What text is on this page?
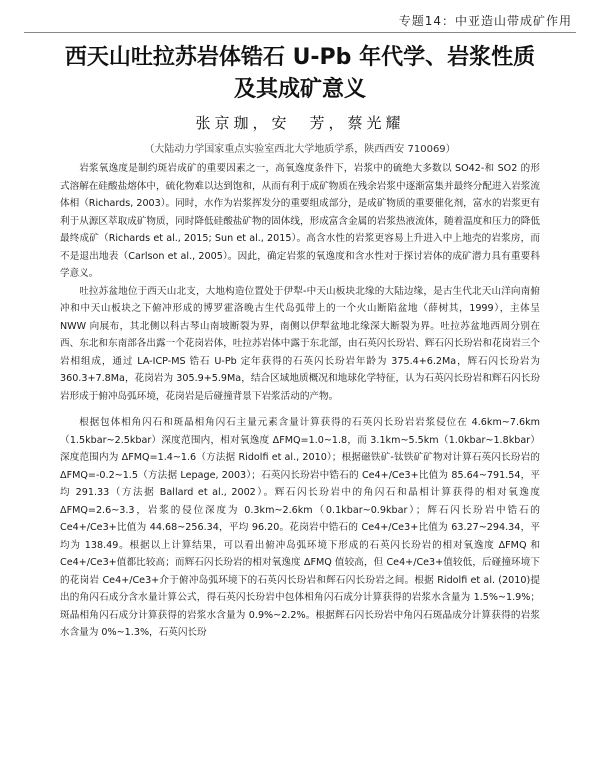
专题14：中亚造山带成矿作用
西天山吐拉苏岩体锆石 U-Pb 年代学、岩浆性质
及其成矿意义
张京珈，安　芳，蔡光耀
（大陆动力学国家重点实验室西北大学地质学系，陕西西安 710069）

岩浆氧逸度是制约斑岩成矿的重要因素之一，高氧逸度条件下，岩浆中的硫绝大多数以 SO42-和 SO2 的形式溶解在硅酸盐熔体中，硫化物难以达到饱和，从而有利于成矿物质在残余岩浆中逐渐富集并最终分配进入岩浆流体相（Richards, 2003）。同时，水作为岩浆挥发分的重要组成部分，是成矿物质的重要催化剂，富水的岩浆更有利于从源区萃取成矿物质，同时降低硅酸盐矿物的固体线，形成富含金属的岩浆热液流体，随着温度和压力的降低最终成矿（Richards et al., 2015; Sun et al., 2015）。高含水性的岩浆更容易上升进入中上地壳的岩浆房，而不是退出地表（Carlson et al., 2005）。因此，确定岩浆的氧逸度和含水性对于探讨岩体的成矿潜力具有重要科学意义。

吐拉苏盆地位于西天山北支，大地构造位置处于伊犁-中天山板块北缘的大陆边缘，是古生代北天山洋向南俯冲和中天山板块之下俯冲形成的博罗霍洛晚古生代岛弧带上的一个火山断陷盆地（薛树其，1999），主体呈 NWW 向展布，其北侧以科古琴山南坡断裂为界，南侧以伊犁盆地北缘深大断裂为界。吐拉苏盆地西周分别在西、东北和东南部各出露一个花岗岩体，吐拉苏岩体中露于东北部，由石英闪长玢岩、辉石闪长玢岩和花岗岩三个岩相组成，通过 LA-ICP-MS 锆石 U-Pb 定年获得的石英闪长玢岩年龄为 375.4+6.2Ma，辉石闪长玢岩为 360.3+7.8Ma，花岗岩为 305.9+5.9Ma，结合区域地质概况和地球化学特征，认为石英闪长玢岩和辉石闪长玢岩形成于俯冲岛弧环境，花岗岩是后碰撞背景下岩浆活动的产物。

根据包体相角闪石和斑晶相角闪石主量元素含量计算获得的石英闪长玢岩岩浆侵位在 4.6km~7.6km（1.5kbar~2.5kbar）深度范围内，相对氧逸度 ΔFMQ=1.0~1.8，而 3.1km~5.5km（1.0kbar~1.8kbar）深度范围内为 ΔFMQ=1.4~1.6（方法据 Ridolfi et al., 2010）；根据磁铁矿-钛铁矿矿物对计算石英闪长玢岩的 ΔFMQ=-0.2~1.5（方法据 Lepage, 2003）；石英闪长玢岩中锆石的 Ce4+/Ce3+比值为 85.64~791.54，平均 291.33（方法据 Ballard et al., 2002）。辉石闪长玢岩中的角闪石和晶相计算获得的相对氧逸度 ΔFMQ=2.6~3.3，岩浆的侵位深度为 0.3km~2.6km（0.1kbar~0.9kbar）；辉石闪长玢岩中锆石的 Ce4+/Ce3+比值为 44.68~256.34，平均 96.20。花岗岩中锆石的 Ce4+/Ce3+比值为 63.27~294.34，平均为 138.49。根据以上计算结果，可以看出俯冲岛弧环境下形成的石英闪长玢岩的相对氧逸度 ΔFMQ 和 Ce4+/Ce3+值都比较高；而辉石闪长玢岩的相对氧逸度 ΔFMQ 值较高，但 Ce4+/Ce3+值较低，后碰撞环境下的花岗岩 Ce4+/Ce3+介于俯冲岛弧环境下的石英闪长玢岩和辉石闪长玢岩之间。根据 Ridolfi et al. (2010)提出的角闪石成分含水量计算公式，得石英闪长玢岩中包体相角闪石成分计算获得的岩浆水含量为 1.5%~1.9%；斑晶相角闪石成分计算获得的岩浆水含量为 0.9%~2.2%。根据辉石闪长玢岩中角闪石斑晶成分计算获得的岩浆水含量为 0%~1.3%，石英闪长玢
